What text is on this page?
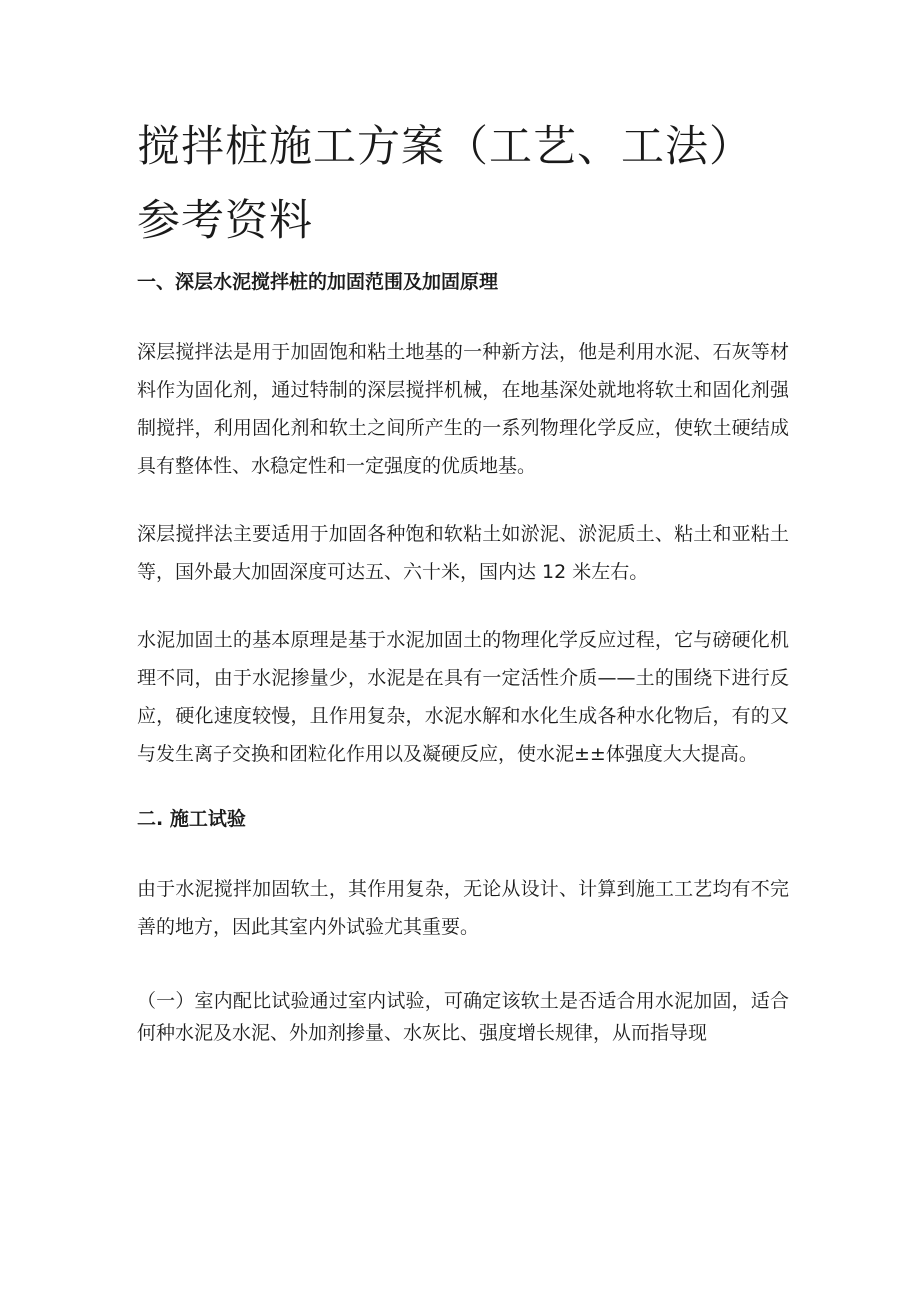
搅拌桩施工方案（工艺、工法）参考资料
一、深层水泥搅拌桩的加固范围及加固原理

深层搅拌法是用于加固饱和粘土地基的一种新方法，他是利用水泥、石灰等材料作为固化剂，通过特制的深层搅拌机械，在地基深处就地将软土和固化剂强制搅拌，利用固化剂和软土之间所产生的一系列物理化学反应，使软土硬结成具有整体性、水稳定性和一定强度的优质地基。

深层搅拌法主要适用于加固各种饱和软粘土如淤泥、淤泥质土、粘土和亚粘土等，国外最大加固深度可达五、六十米，国内达 12 米左右。

水泥加固土的基本原理是基于水泥加固土的物理化学反应过程，它与磅硬化机理不同，由于水泥掺量少，水泥是在具有一定活性介质——土的围绕下进行反应，硬化速度较慢，且作用复杂，水泥水解和水化生成各种水化物后，有的又与发生离子交换和团粒化作用以及凝硬反应，使水泥±±体强度大大提高。

二. 施工试验

由于水泥搅拌加固软土，其作用复杂，无论从设计、计算到施工工艺均有不完善的地方，因此其室内外试验尤其重要。

（一）室内配比试验通过室内试验，可确定该软土是否适合用水泥加固，适合何种水泥及水泥、外加剂掺量、水灰比、强度增长规律，从而指导现
